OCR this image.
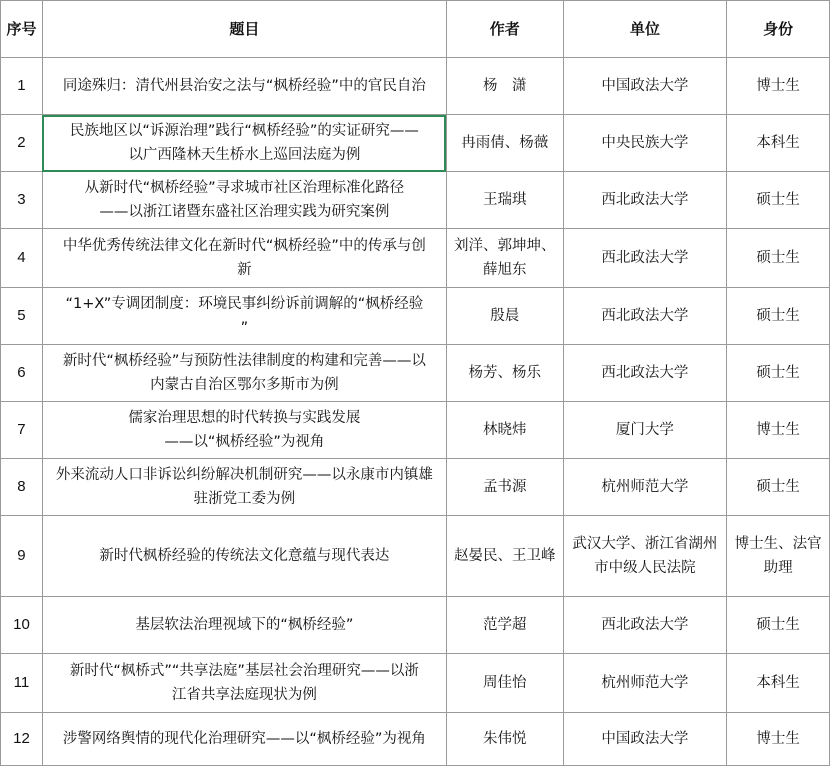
序号	题目	作者	单位	身份
1	同途殊归：清代州县治安之法与“枫桥经验”中的官民自治	杨　潇	中国政法大学	博士生
2	民族地区以“诉源治理”践行“枫桥经验”的实证研究——
以广西隆林天生桥水上巡回法庭为例	冉雨倩、杨薇	中央民族大学	本科生
3	从新时代“枫桥经验”寻求城市社区治理标准化路径
——以浙江诸暨东盛社区治理实践为研究案例	王瑞琪	西北政法大学	硕士生
4	中华优秀传统法律文化在新时代“枫桥经验”中的传承与创
新	刘洋、郭坤坤、薛旭东	西北政法大学	硕士生
5	“1+X”专调团制度：环境民事纠纷诉前调解的“枫桥经验
”	殷晨	西北政法大学	硕士生
6	新时代“枫桥经验”与预防性法律制度的构建和完善——以
内蒙古自治区鄂尔多斯市为例	杨芳、杨乐	西北政法大学	硕士生
7	儒家治理思想的时代转换与实践发展
——以“枫桥经验”为视角	林晓炜	厦门大学	博士生
8	外来流动人口非诉讼纠纷解决机制研究——以永康市内镇雄
驻浙党工委为例	孟书源	杭州师范大学	硕士生
9	新时代枫桥经验的传统法文化意蕴与现代表达	赵晏民、王卫峰	武汉大学、浙江省湖州市中级人民法院	博士生、法官助理
10	基层软法治理视域下的“枫桥经验”	范学超	西北政法大学	硕士生
11	新时代“枫桥式”“共享法庭”基层社会治理研究——以浙
江省共享法庭现状为例	周佳怡	杭州师范大学	本科生
12	涉警网络舆情的现代化治理研究——以“枫桥经验”为视角	朱伟悦	中国政法大学	博士生
